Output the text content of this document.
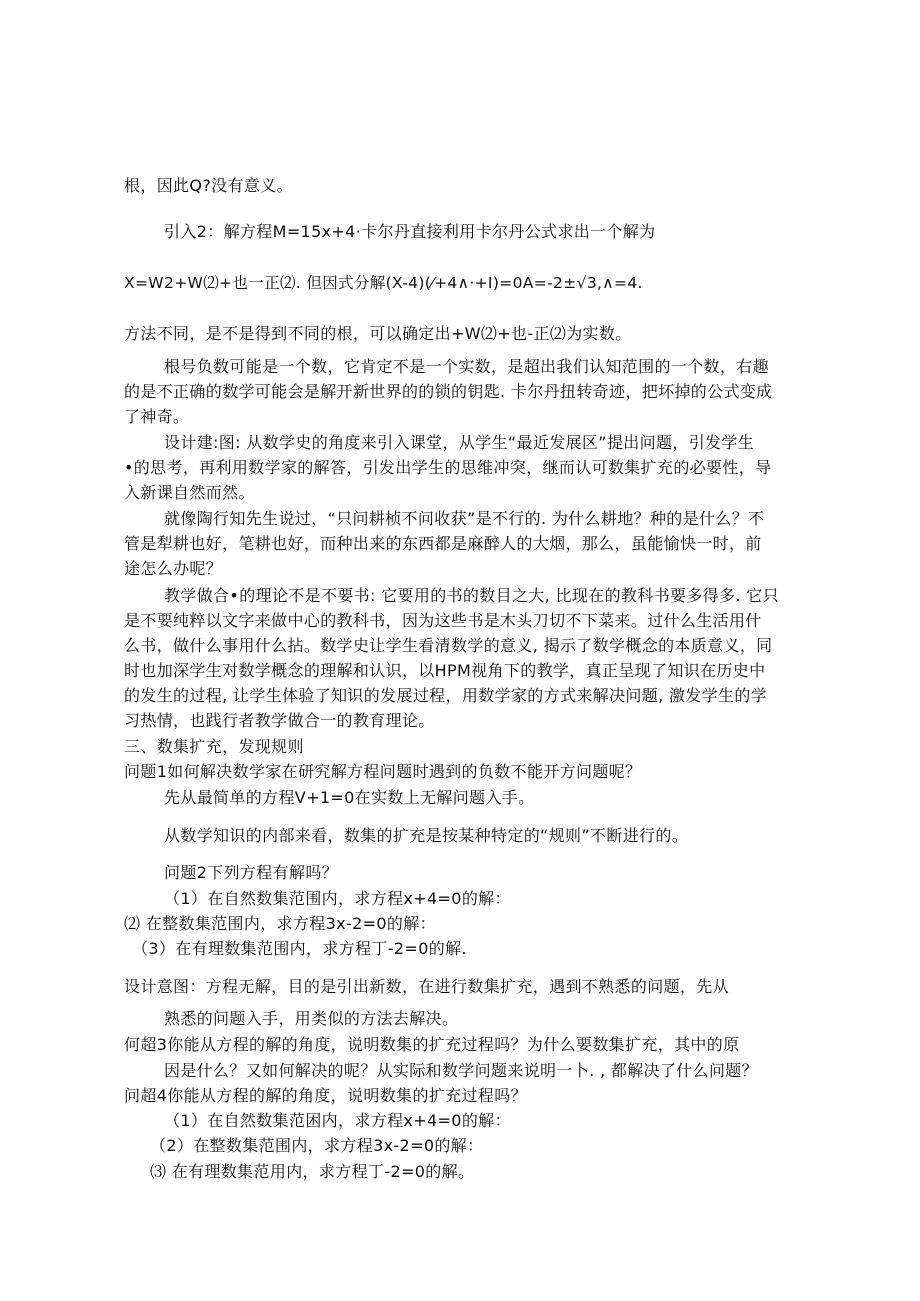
根，因此Q?没有意义。
引入2：解方程M=15x+4·卡尔丹直接利用卡尔丹公式求出一个解为
X=W2+W⑵+也一正⑵. 但因式分解(X-4)(⁄+4∧·+I)=0A=-2±√3,∧=4.
方法不同，是不是得到不同的根，可以确定出+W⑵+也-正⑵为实数。
根号负数可能是一个数，它肯定不是一个实数，是超出我们认知范围的一个数，右趣
的是不正确的数学可能会是解开新世界的的锁的钥匙. 卡尔丹扭转奇迹，把坏掉的公式变成
了神奇。
设计建:图: 从数学史的角度来引入课堂，从学生“最近发展区”提出问题，引发学生
•的思考，再利用数学家的解答，引发出学生的思维冲突，继而认可数集扩充的必要性，导
入新课自然而然。
就像陶行知先生说过，“只问耕桢不问收获”是不行的. 为什么耕地？种的是什么？不
管是犁耕也好，笔耕也好，而种出来的东西都是麻醉人的大烟，那么，虽能愉快一时，前
途怎么办呢？
教学做合•的理论不是不要书: 它要用的书的数目之大, 比现在的教科书要多得多. 它只
是不要纯粹以文字来做中心的教科书，因为这些书是木头刀切不下菜来。过什么生活用什
么书，做什么事用什么拈。数学史让学生看清数学的意义, 揭示了数学概念的本质意义，同
时也加深学生对数学概念的理解和认识，以HPM视角下的教学，真正呈现了知识在历史中
的发生的过程, 让学生体验了知识的发展过程，用数学家的方式来解决问题, 激发学生的学
习热情，也践行者教学做合一的教育理论。
三、数集扩充，发现规则
问题1如何解决数学家在研究解方程问题时遇到的负数不能开方问题呢？
先从最简单的方程V+1=0在实数上无解问题入手。
从数学知识的内部来看，数集的扩充是按某种特定的“规则”不断进行的。
问题2下列方程有解吗？
（1）在自然数集范围内，求方程x+4=0的解：
⑵ 在整数集范围内，求方程3x-2=0的解：
（3）在有理数集范围内，求方程丁-2=0的解.
设计意图：方程无解，目的是引出新数，在进行数集扩充，遇到不熟悉的问题，先从
熟悉的问题入手，用类似的方法去解决。
何超3你能从方程的解的角度，说明数集的扩充过程吗？为什么要数集扩充，其中的原
因是什么？又如何解决的呢？从实际和数学问题来说明一卜. , 都解决了什么问题？
问超4你能从方程的解的角度，说明数集的扩充过程吗？
（1）在自然数集范困内，求方程x+4=0的解：
（2）在整数集范围内，求方程3x-2=0的解：
⑶ 在有理数集范用内，求方程丁-2=0的解。
